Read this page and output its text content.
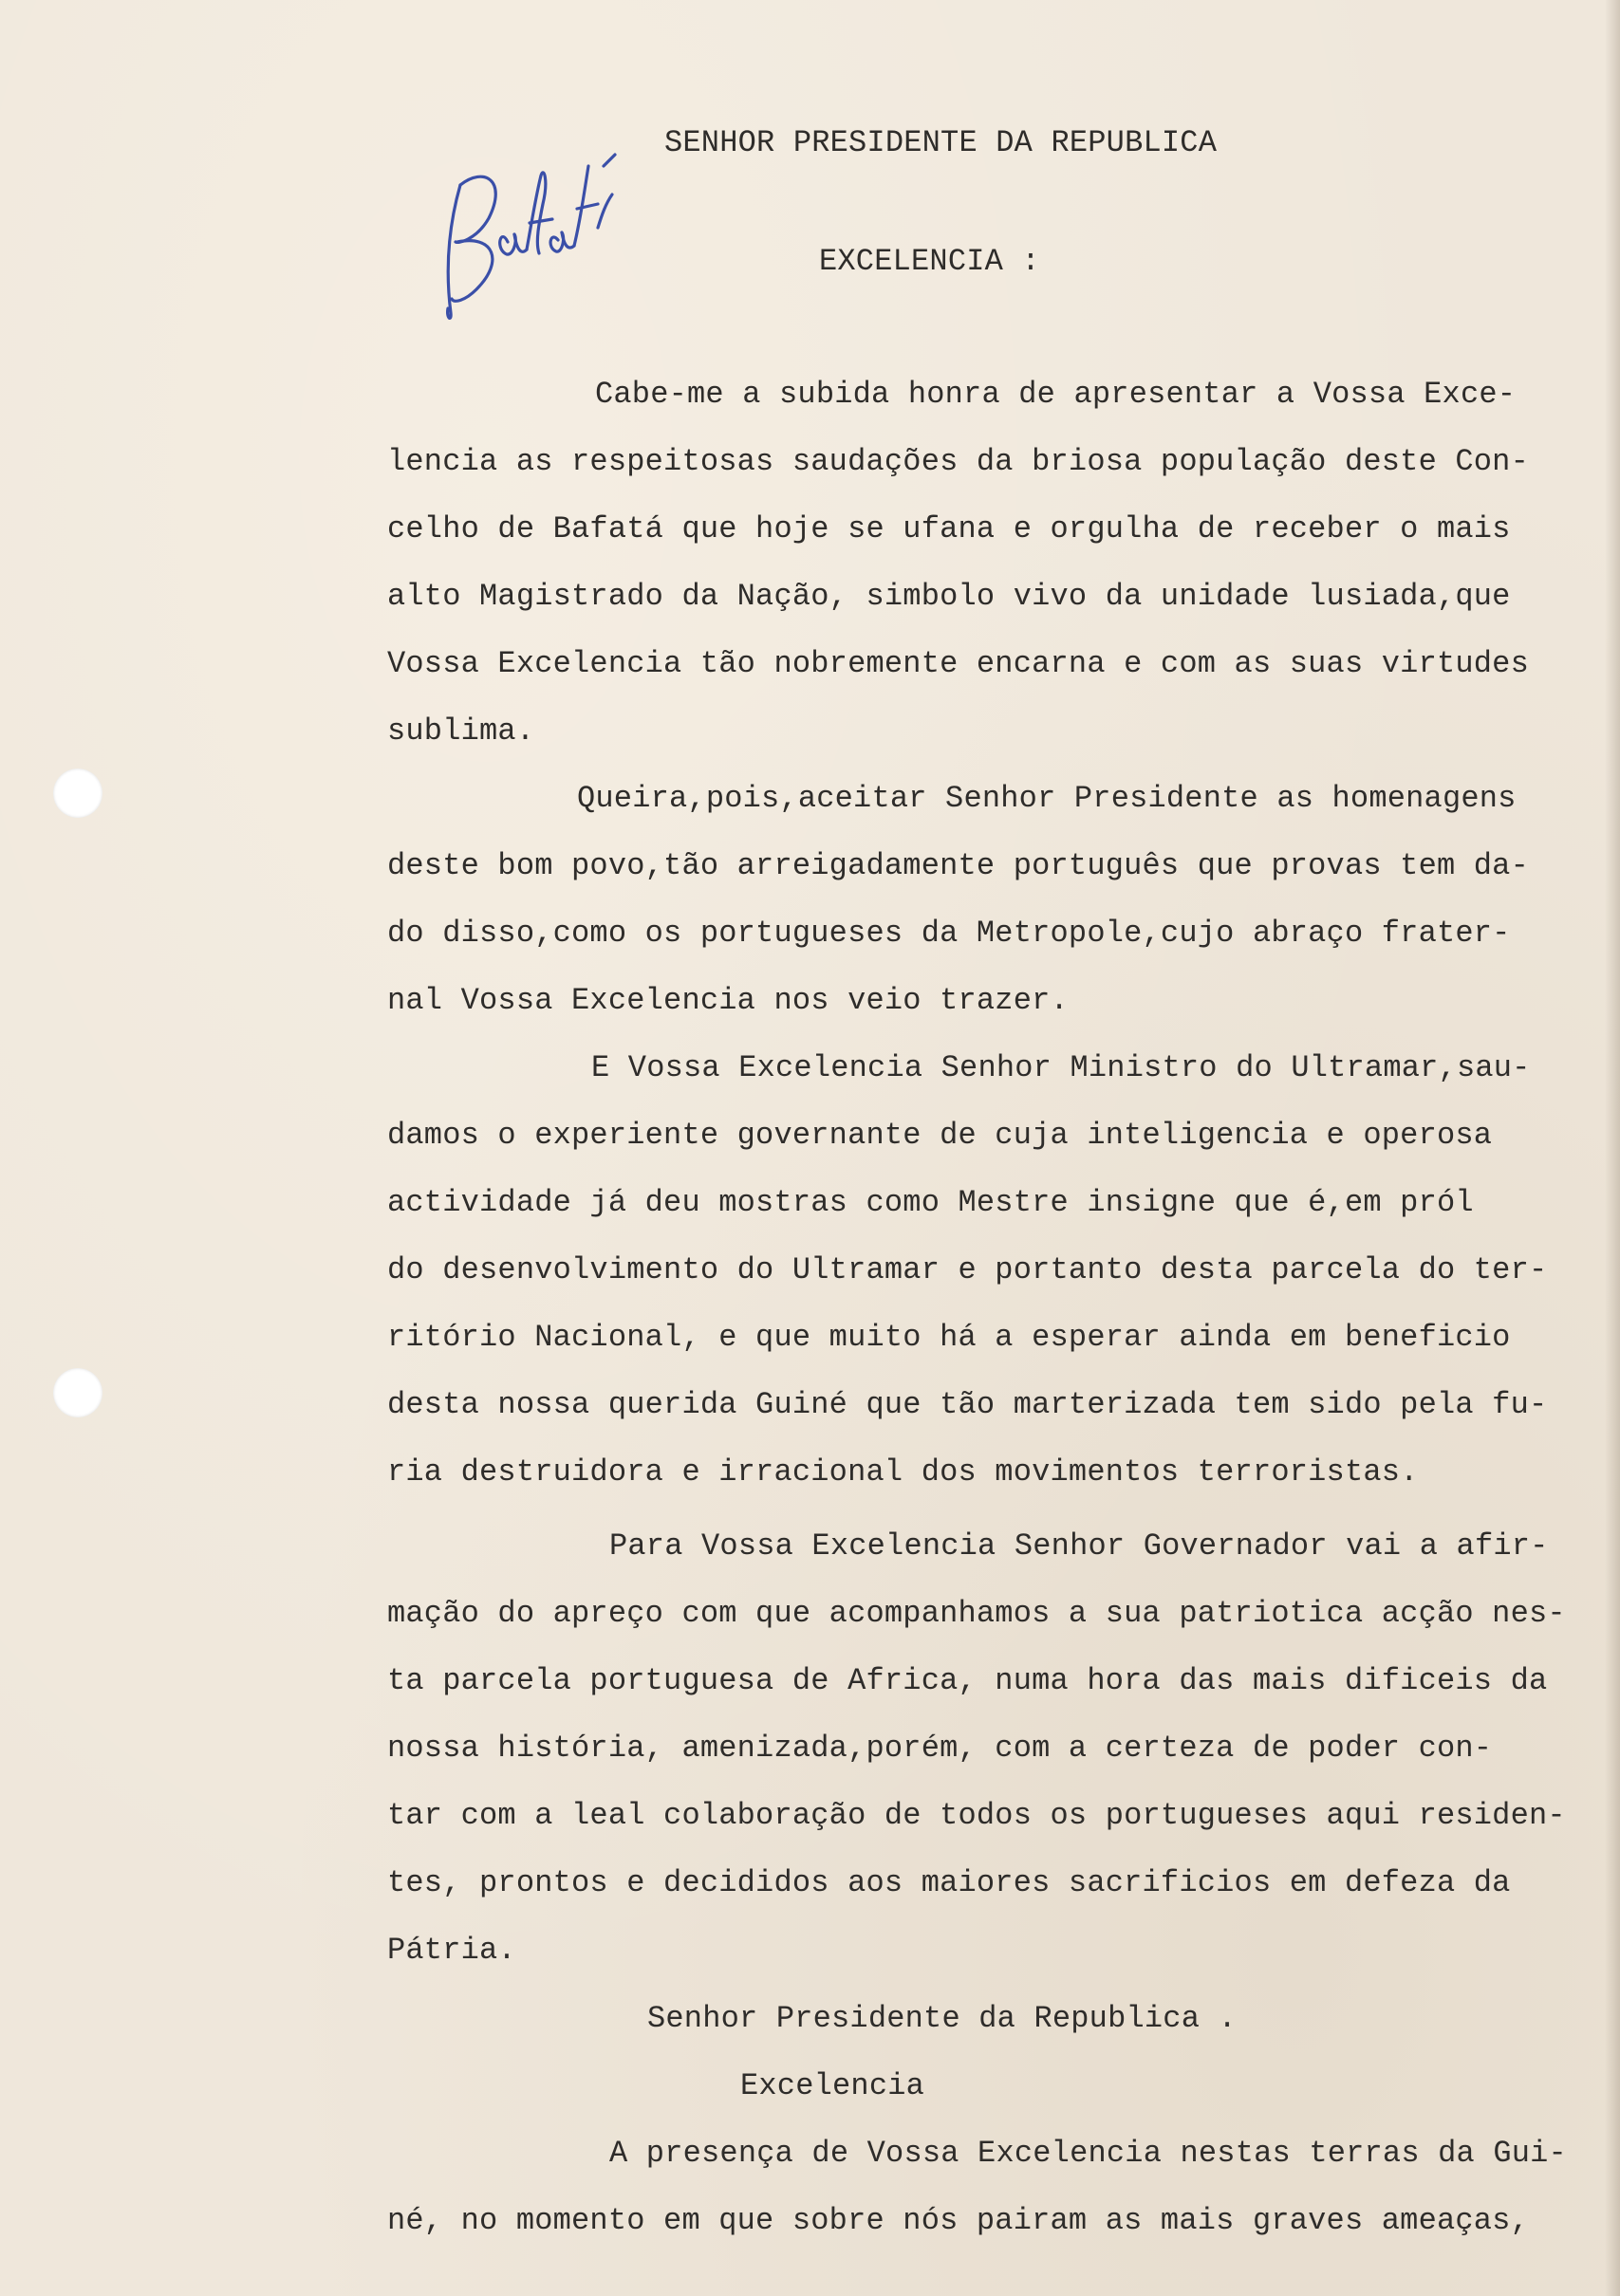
SENHOR PRESIDENTE DA REPUBLICA
EXCELENCIA :
Cabe-me a subida honra de apresentar a Vossa Exce-
lencia as respeitosas saudações da briosa população deste Con-
celho de Bafatá que hoje se ufana e orgulha de receber o mais
alto Magistrado da Nação, simbolo vivo da unidade lusiada,que
Vossa Excelencia tão nobremente encarna e com as suas virtudes
sublima.
Queira,pois,aceitar Senhor Presidente as homenagens
deste bom povo,tão arreigadamente português que provas tem da-
do disso,como os portugueses da Metropole,cujo abraço frater-
nal Vossa Excelencia nos veio trazer.
E Vossa Excelencia Senhor Ministro do Ultramar,sau-
damos o experiente governante de cuja inteligencia e operosa
actividade já deu mostras como Mestre insigne que é,em pról
do desenvolvimento do Ultramar e portanto desta parcela do ter-
ritório Nacional, e que muito há a esperar ainda em beneficio
desta nossa querida Guiné que tão marterizada tem sido pela fu-
ria destruidora e irracional dos movimentos terroristas.
Para Vossa Excelencia Senhor Governador vai a afir-
mação do apreço com que acompanhamos a sua patriotica acção nes-
ta parcela portuguesa de Africa, numa hora das mais dificeis da
nossa história, amenizada,porém, com a certeza de poder con-
tar com a leal colaboração de todos os portugueses aqui residen-
tes, prontos e decididos aos maiores sacrificios em defeza da
Pátria.
Senhor Presidente da Republica .
Excelencia
A presença de Vossa Excelencia nestas terras da Gui-
né, no momento em que sobre nós pairam as mais graves ameaças,
